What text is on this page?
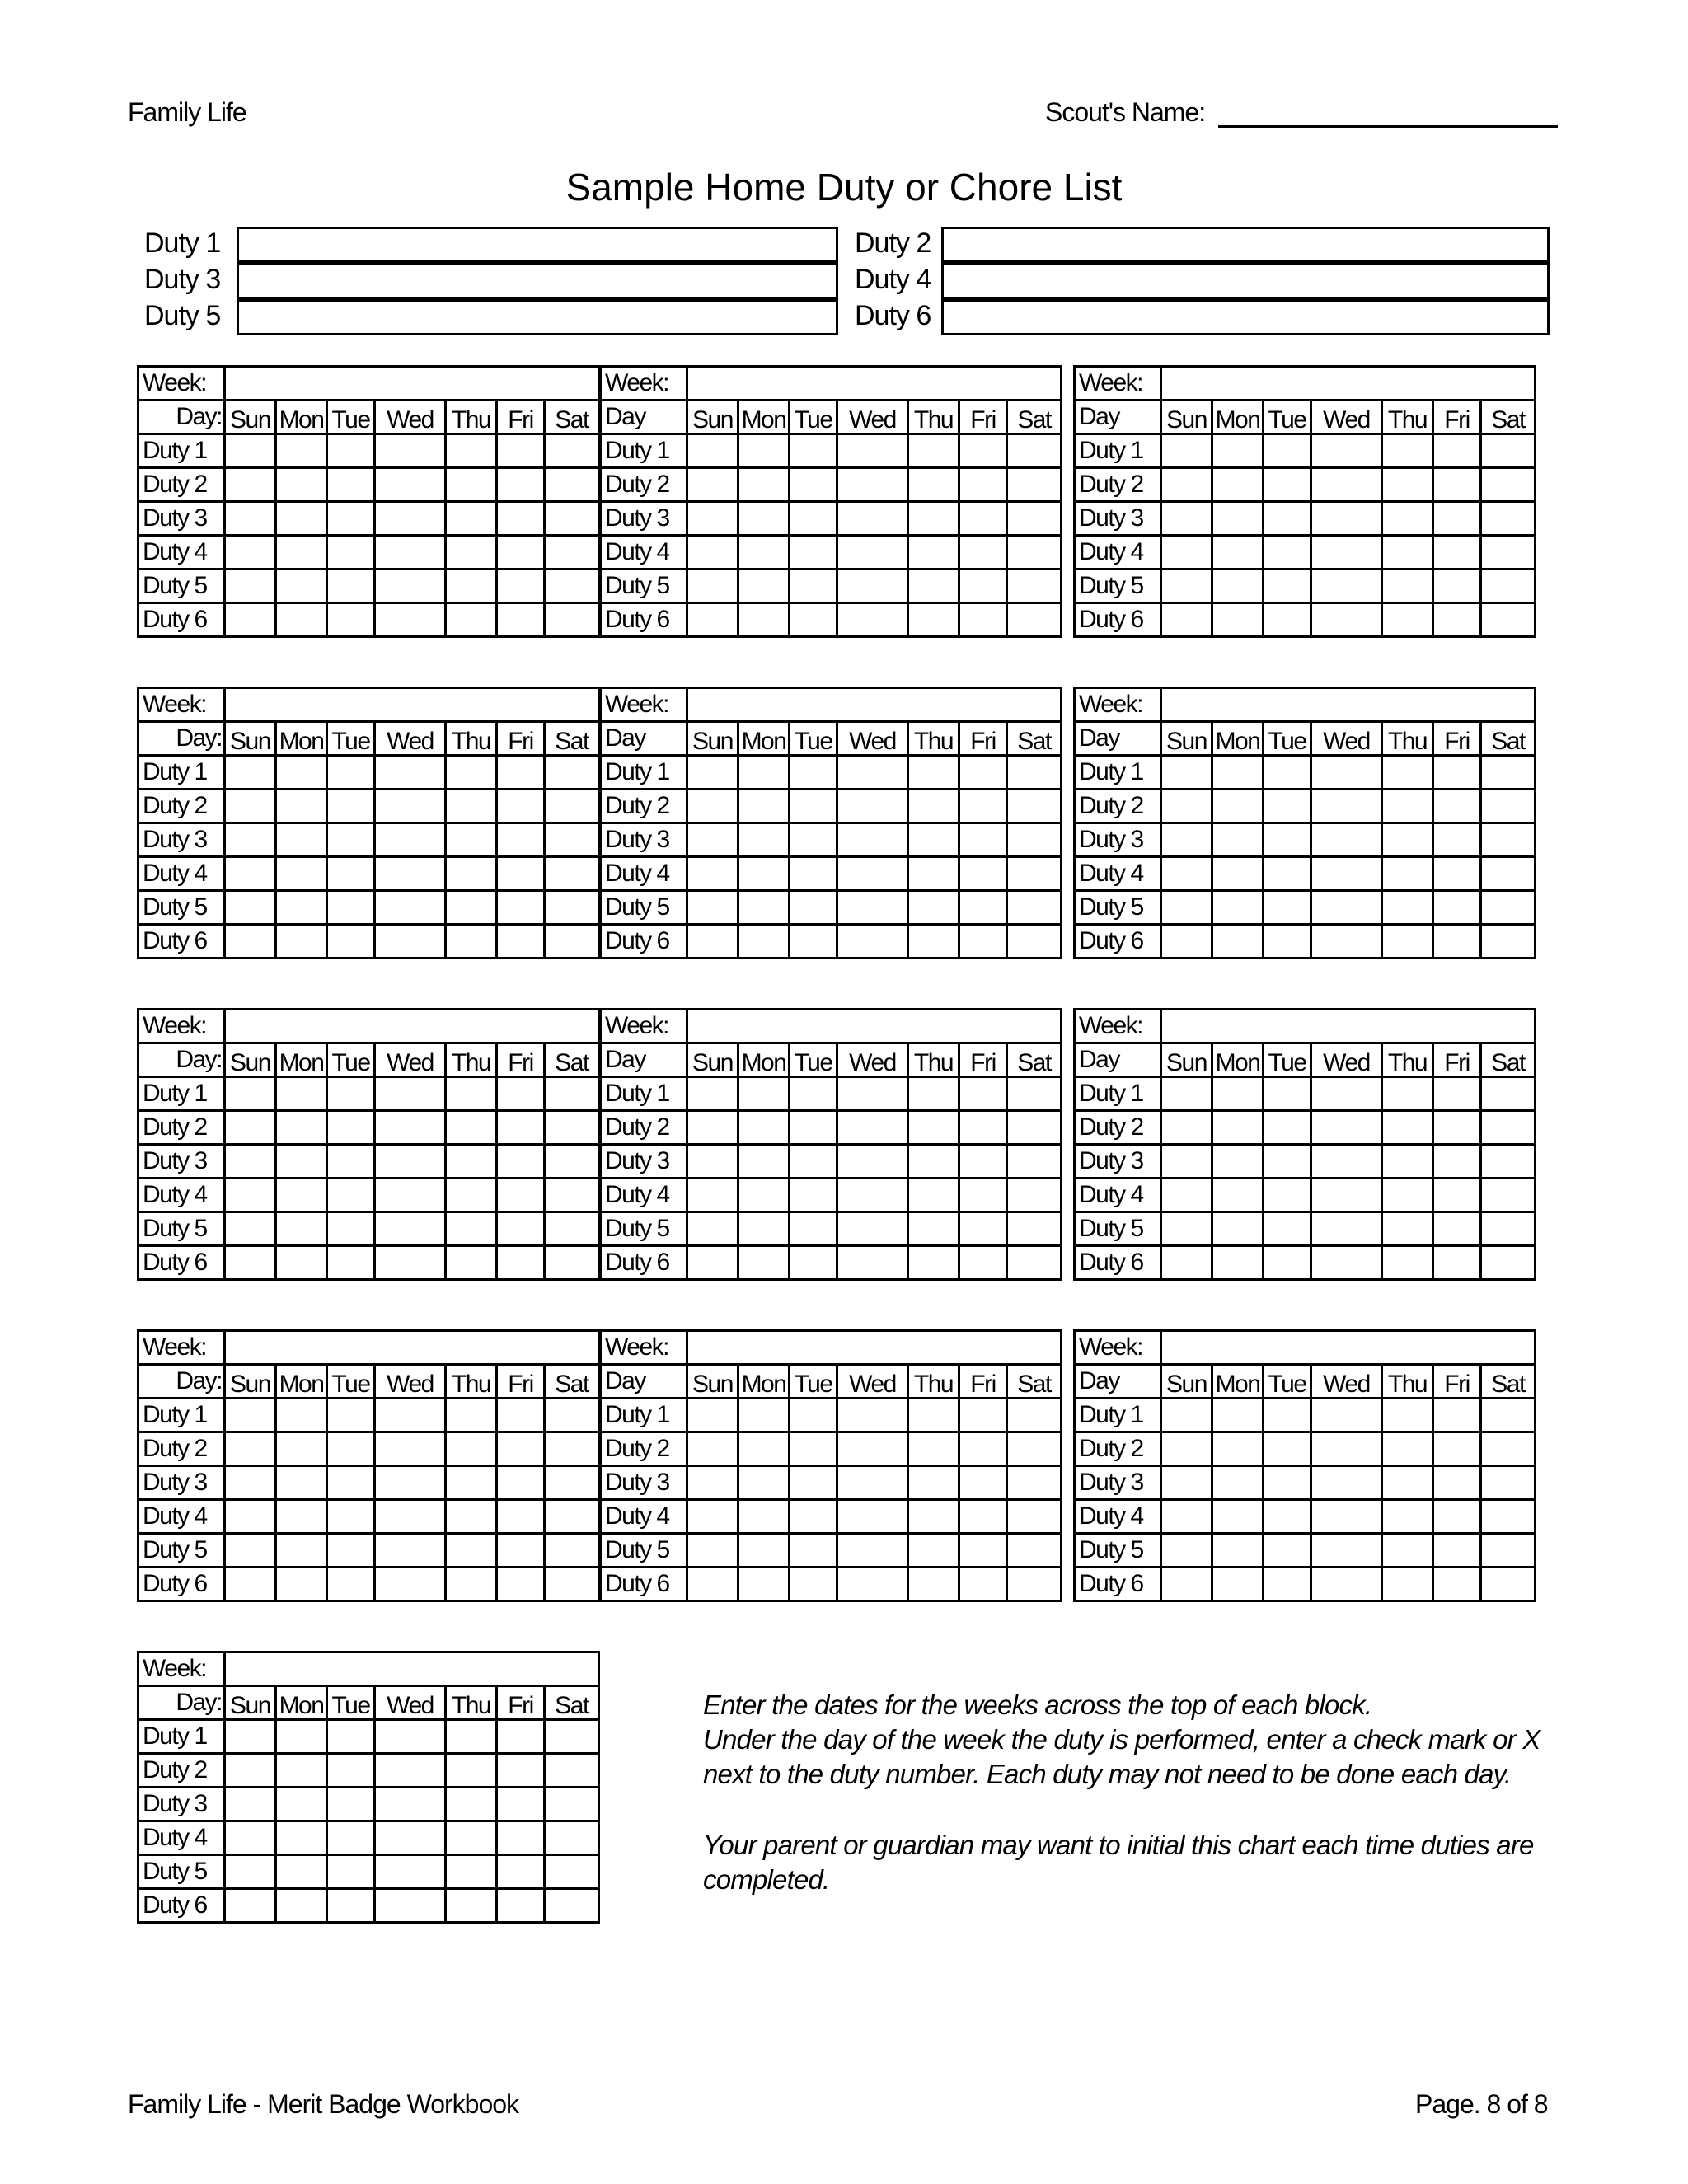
Family Life	Scout's Name:
Sample Home Duty or Chore List
Duty 1	Duty 2
Duty 3	Duty 4
Duty 5	Duty 6
Week:							
Day:	Sun	Mon	Tue	Wed	Thu	Fri	Sat
Duty 1							
Duty 2							
Duty 3							
Duty 4							
Duty 5							
Duty 6							
Week:							
Day	Sun	Mon	Tue	Wed	Thu	Fri	Sat
Duty 1							
Duty 2							
Duty 3							
Duty 4							
Duty 5							
Duty 6							
Week:							
Day	Sun	Mon	Tue	Wed	Thu	Fri	Sat
Duty 1							
Duty 2							
Duty 3							
Duty 4							
Duty 5							
Duty 6							
Week:							
Day:	Sun	Mon	Tue	Wed	Thu	Fri	Sat
Duty 1							
Duty 2							
Duty 3							
Duty 4							
Duty 5							
Duty 6							
Week:							
Day	Sun	Mon	Tue	Wed	Thu	Fri	Sat
Duty 1							
Duty 2							
Duty 3							
Duty 4							
Duty 5							
Duty 6							
Week:							
Day	Sun	Mon	Tue	Wed	Thu	Fri	Sat
Duty 1							
Duty 2							
Duty 3							
Duty 4							
Duty 5							
Duty 6							
Week:							
Day:	Sun	Mon	Tue	Wed	Thu	Fri	Sat
Duty 1							
Duty 2							
Duty 3							
Duty 4							
Duty 5							
Duty 6							
Week:							
Day	Sun	Mon	Tue	Wed	Thu	Fri	Sat
Duty 1							
Duty 2							
Duty 3							
Duty 4							
Duty 5							
Duty 6							
Week:							
Day	Sun	Mon	Tue	Wed	Thu	Fri	Sat
Duty 1							
Duty 2							
Duty 3							
Duty 4							
Duty 5							
Duty 6							
Week:							
Day:	Sun	Mon	Tue	Wed	Thu	Fri	Sat
Duty 1							
Duty 2							
Duty 3							
Duty 4							
Duty 5							
Duty 6							
Week:							
Day	Sun	Mon	Tue	Wed	Thu	Fri	Sat
Duty 1							
Duty 2							
Duty 3							
Duty 4							
Duty 5							
Duty 6							
Week:							
Day	Sun	Mon	Tue	Wed	Thu	Fri	Sat
Duty 1							
Duty 2							
Duty 3							
Duty 4							
Duty 5							
Duty 6							
Week:							
Day:	Sun	Mon	Tue	Wed	Thu	Fri	Sat
Duty 1							
Duty 2							
Duty 3							
Duty 4							
Duty 5							
Duty 6							
Enter the dates for the weeks across the top of each block.
Under the day of the week the duty is performed, enter a check mark or X
next to the duty number. Each duty may not need to be done each day.
Your parent or guardian may want to initial this chart each time duties are
completed.
Family Life - Merit Badge Workbook	Page. 8 of 8
